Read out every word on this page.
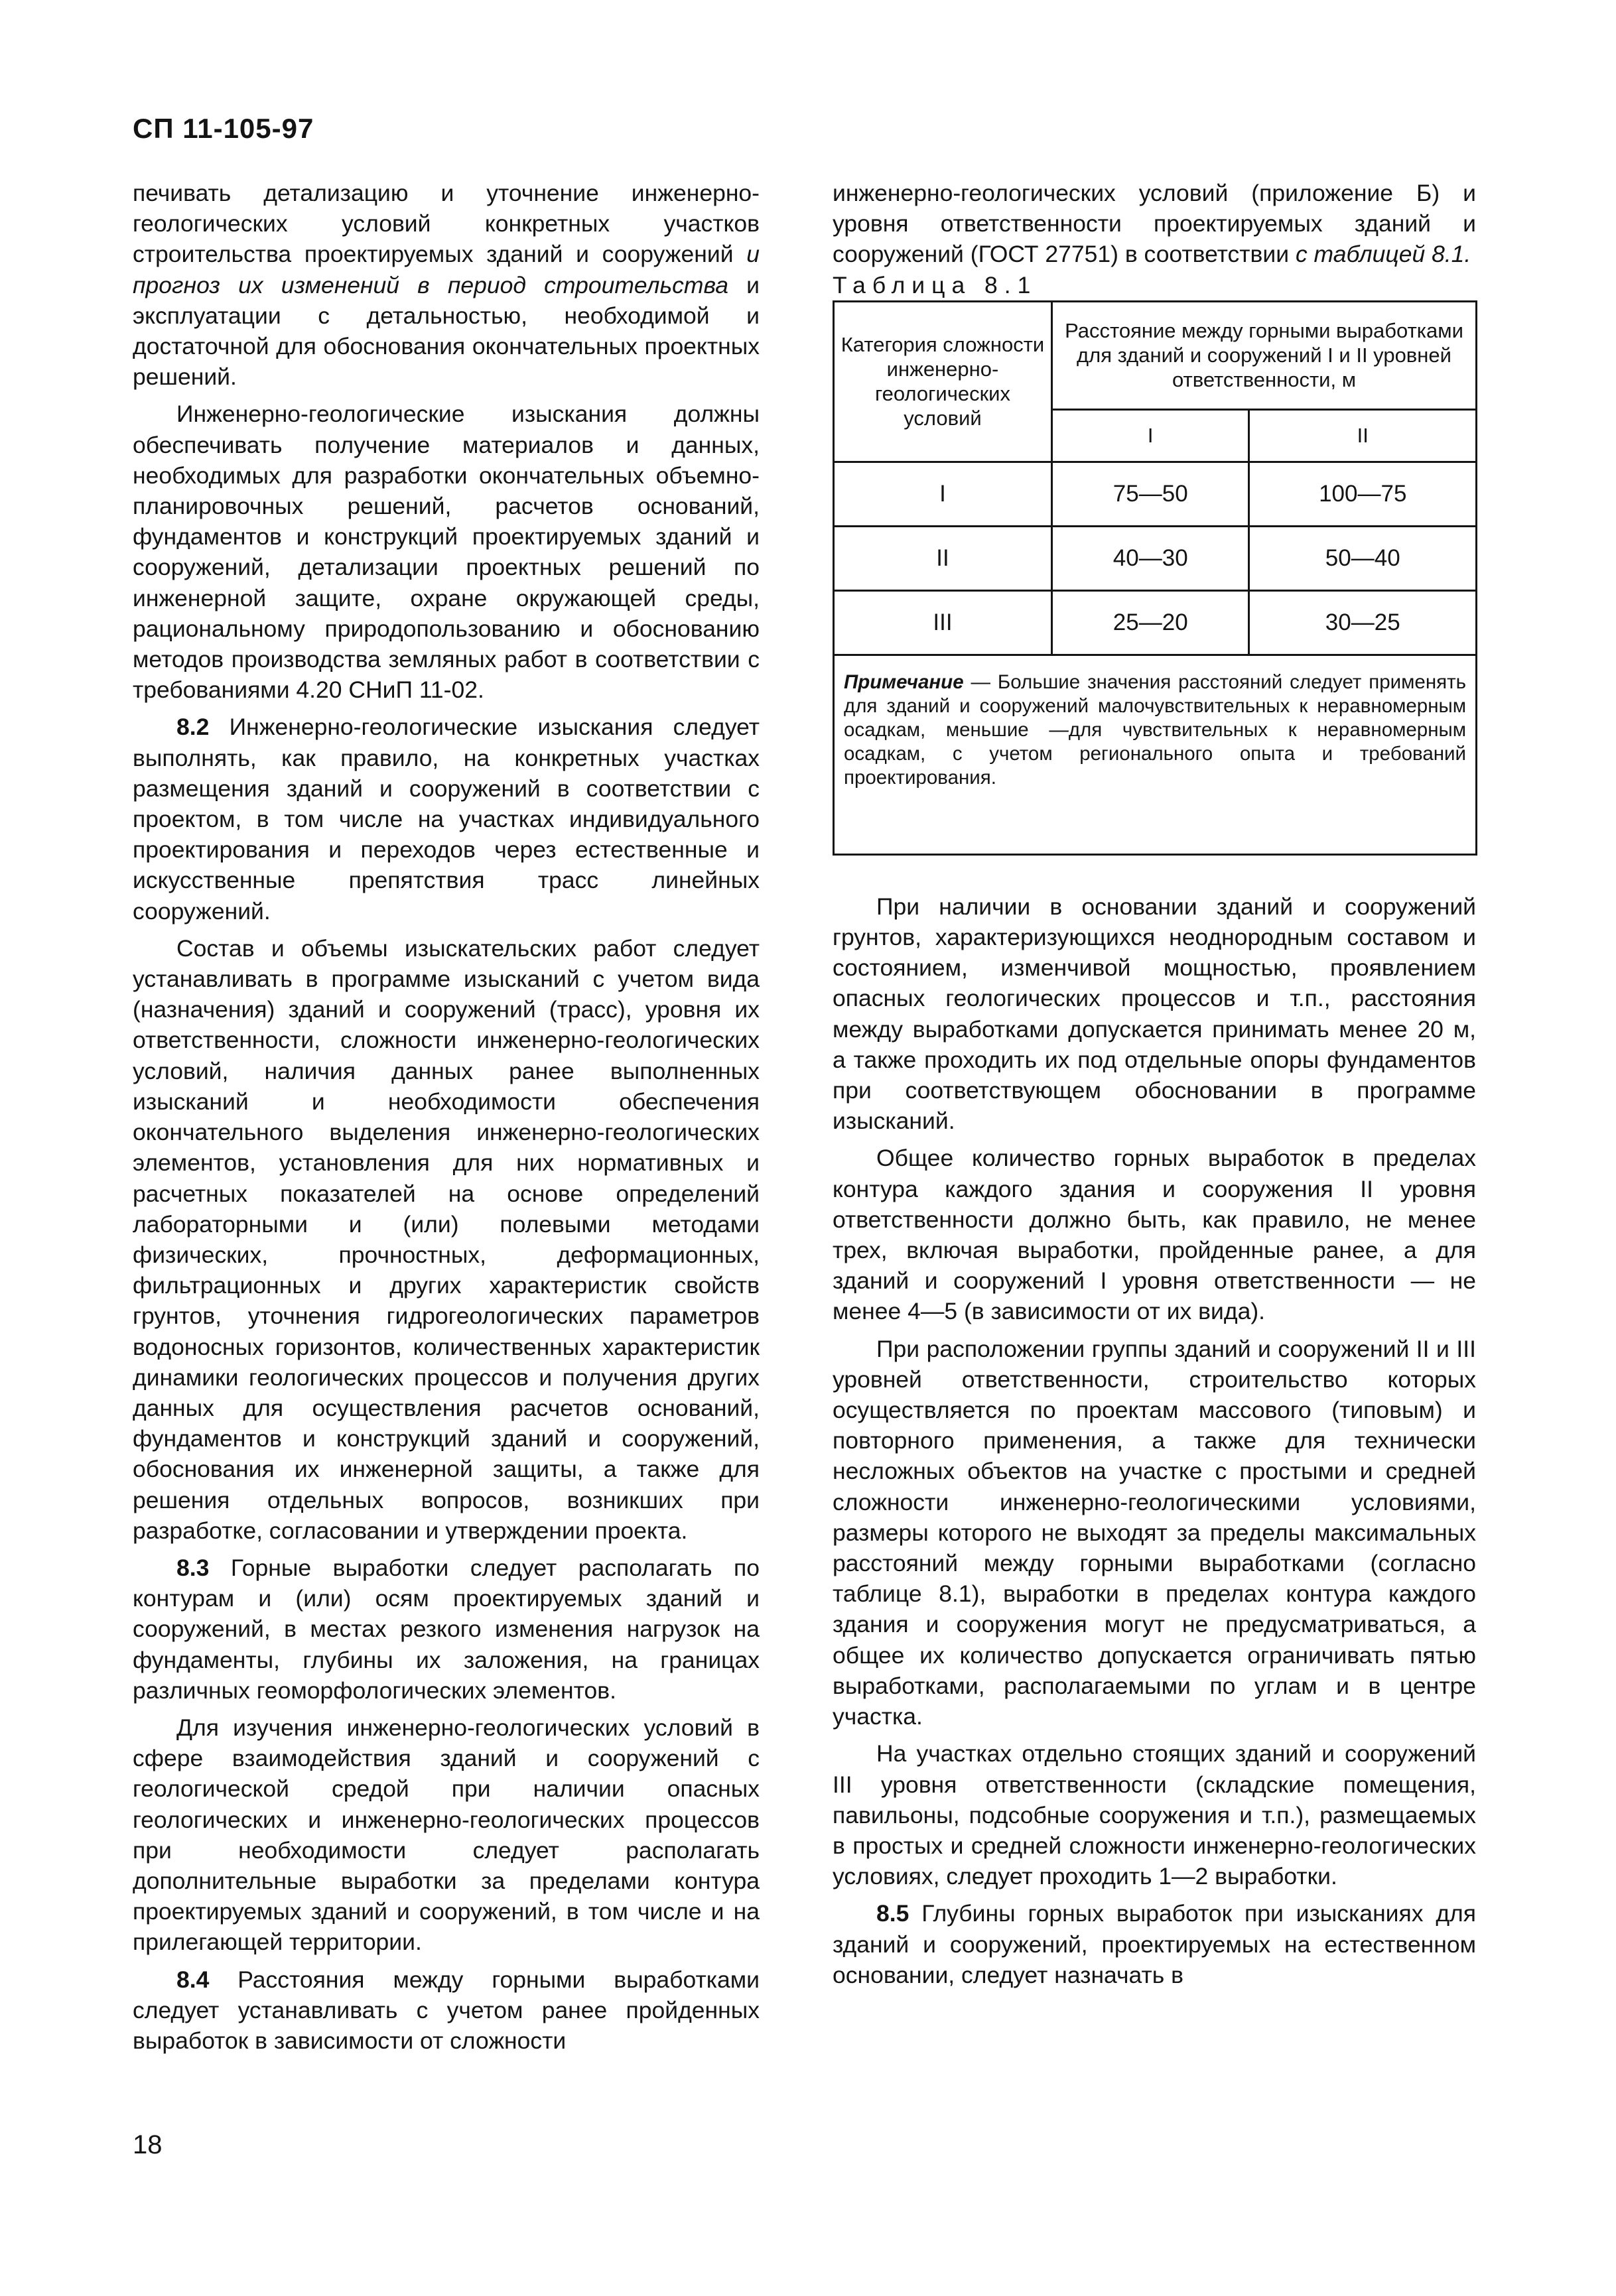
СП 11-105-97

печивать детализацию и уточнение инженерно-геологических условий конкретных участков строительства проектируемых зданий и сооружений и прогноз их изменений в период строительства и эксплуатации с детальностью, необходимой и достаточной для обоснования окончательных проектных решений.

Инженерно-геологические изыскания должны обеспечивать получение материалов и данных, необходимых для разработки окончательных объемно-планировочных решений, расчетов оснований, фундаментов и конструкций проектируемых зданий и сооружений, детализации проектных решений по инженерной защите, охране окружающей среды, рациональному природопользованию и обоснованию методов производства земляных работ в соответствии с требованиями 4.20 СНиП 11-02.

8.2 Инженерно-геологические изыскания следует выполнять, как правило, на конкретных участках размещения зданий и сооружений в соответствии с проектом, в том числе на участках индивидуального проектирования и переходов через естественные и искусственные препятствия трасс линейных сооружений.

Состав и объемы изыскательских работ следует устанавливать в программе изысканий с учетом вида (назначения) зданий и сооружений (трасс), уровня их ответственности, сложности инженерно-геологических условий, наличия данных ранее выполненных изысканий и необходимости обеспечения окончательного выделения инженерно-геологических элементов, установления для них нормативных и расчетных показателей на основе определений лабораторными и (или) полевыми методами физических, прочностных, деформационных, фильтрационных и других характеристик свойств грунтов, уточнения гидрогеологических параметров водоносных горизонтов, количественных характеристик динамики геологических процессов и получения других данных для осуществления расчетов оснований, фундаментов и конструкций зданий и сооружений, обоснования их инженерной защиты, а также для решения отдельных вопросов, возникших при разработке, согласовании и утверждении проекта.

8.3 Горные выработки следует располагать по контурам и (или) осям проектируемых зданий и сооружений, в местах резкого изменения нагрузок на фундаменты, глубины их заложения, на границах различных геоморфологических элементов.

Для изучения инженерно-геологических условий в сфере взаимодействия зданий и сооружений с геологической средой при наличии опасных геологических и инженерно-геологических процессов при необходимости следует располагать дополнительные выработки за пределами контура проектируемых зданий и сооружений, в том числе и на прилегающей территории.

8.4 Расстояния между горными выработками следует устанавливать с учетом ранее пройденных выработок в зависимости от сложности

инженерно-геологических условий (приложение Б) и уровня ответственности проектируемых зданий и сооружений (ГОСТ 27751) в соответствии с таблицей 8.1.

Таблица 8.1

Категория сложности инженерно-геологических условий	Расстояние между горными выработками для зданий и сооружений I и II уровней ответственности, м	
	I	II
I	75—50	100—75
II	40—30	50—40
III	25—20	30—25
Примечание — Большие значения расстояний следует применять для зданий и сооружений малочувствительных к неравномерным осадкам, меньшие —для чувствительных к неравномерным осадкам, с учетом регионального опыта и требований проектирования.		

При наличии в основании зданий и сооружений грунтов, характеризующихся неоднородным составом и состоянием, изменчивой мощностью, проявлением опасных геологических процессов и т.п., расстояния между выработками допускается принимать менее 20 м, а также проходить их под отдельные опоры фундаментов при соответствующем обосновании в программе изысканий.

Общее количество горных выработок в пределах контура каждого здания и сооружения II уровня ответственности должно быть, как правило, не менее трех, включая выработки, пройденные ранее, а для зданий и сооружений I уровня ответственности — не менее 4—5 (в зависимости от их вида).

При расположении группы зданий и сооружений II и III уровней ответственности, строительство которых осуществляется по проектам массового (типовым) и повторного применения, а также для технически несложных объектов на участке с простыми и средней сложности инженерно-геологическими условиями, размеры которого не выходят за пределы максимальных расстояний между горными выработками (согласно таблице 8.1), выработки в пределах контура каждого здания и сооружения могут не предусматриваться, а общее их количество допускается ограничивать пятью выработками, располагаемыми по углам и в центре участка.

На участках отдельно стоящих зданий и сооружений III уровня ответственности (складские помещения, павильоны, подсобные сооружения и т.п.), размещаемых в простых и средней сложности инженерно-геологических условиях, следует проходить 1—2 выработки.

8.5 Глубины горных выработок при изысканиях для зданий и сооружений, проектируемых на естественном основании, следует назначать в

18
